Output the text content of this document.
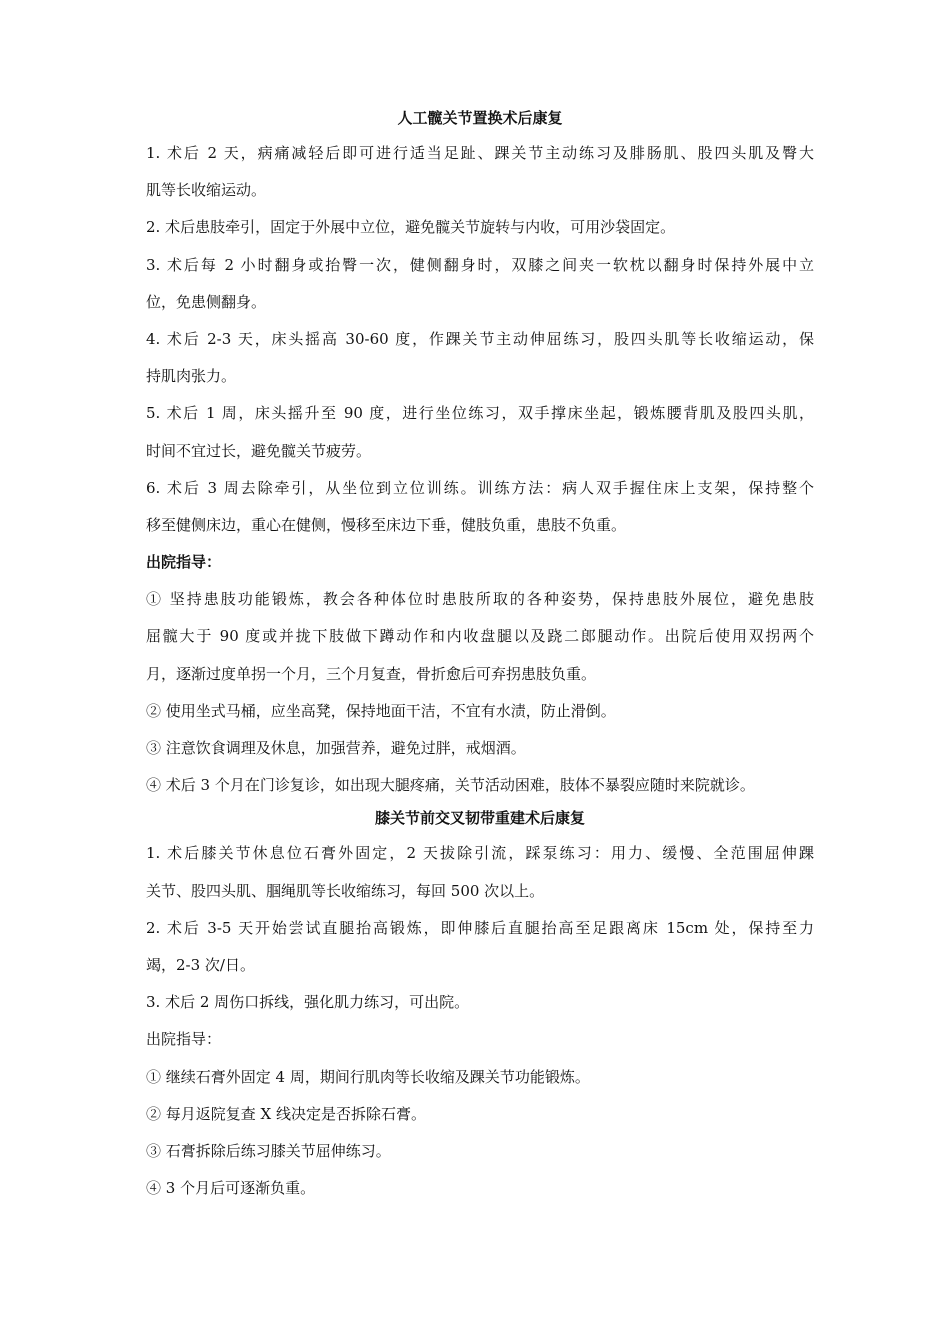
人工髋关节置换术后康复
1. 术后 2 天，病痛减轻后即可进行适当足趾、踝关节主动练习及腓肠肌、股四头肌及臀大
肌等长收缩运动。
2. 术后患肢牵引，固定于外展中立位，避免髋关节旋转与内收，可用沙袋固定。
3. 术后每 2 小时翻身或抬臀一次，健侧翻身时，双膝之间夹一软枕以翻身时保持外展中立
位，免患侧翻身。
4. 术后 2-3 天，床头摇高 30-60 度，作踝关节主动伸屈练习，股四头肌等长收缩运动，保
持肌肉张力。
5. 术后 1 周，床头摇升至 90 度，进行坐位练习，双手撑床坐起，锻炼腰背肌及股四头肌，
时间不宜过长，避免髋关节疲劳。
6. 术后 3 周去除牵引，从坐位到立位训练。训练方法：病人双手握住床上支架，保持整个
移至健侧床边，重心在健侧，慢移至床边下垂，健肢负重，患肢不负重。
出院指导：
① 坚持患肢功能锻炼，教会各种体位时患肢所取的各种姿势，保持患肢外展位，避免患肢
屈髋大于 90 度或并拢下肢做下蹲动作和内收盘腿以及跷二郎腿动作。出院后使用双拐两个
月，逐渐过度单拐一个月，三个月复查，骨折愈后可弃拐患肢负重。
② 使用坐式马桶，应坐高凳，保持地面干洁，不宜有水渍，防止滑倒。
③ 注意饮食调理及休息，加强营养，避免过胖，戒烟酒。
④ 术后 3 个月在门诊复诊，如出现大腿疼痛，关节活动困难，肢体不暴裂应随时来院就诊。
膝关节前交叉韧带重建术后康复
1. 术后膝关节休息位石膏外固定，2 天拔除引流，踩泵练习：用力、缓慢、全范围屈伸踝
关节、股四头肌、腘绳肌等长收缩练习，每回 500 次以上。
2. 术后 3-5 天开始尝试直腿抬高锻炼，即伸膝后直腿抬高至足跟离床 15cm 处，保持至力
竭，2-3 次/日。
3. 术后 2 周伤口拆线，强化肌力练习，可出院。
出院指导：
① 继续石膏外固定 4 周，期间行肌肉等长收缩及踝关节功能锻炼。
② 每月返院复查 X 线决定是否拆除石膏。
③ 石膏拆除后练习膝关节屈伸练习。
④ 3 个月后可逐渐负重。
